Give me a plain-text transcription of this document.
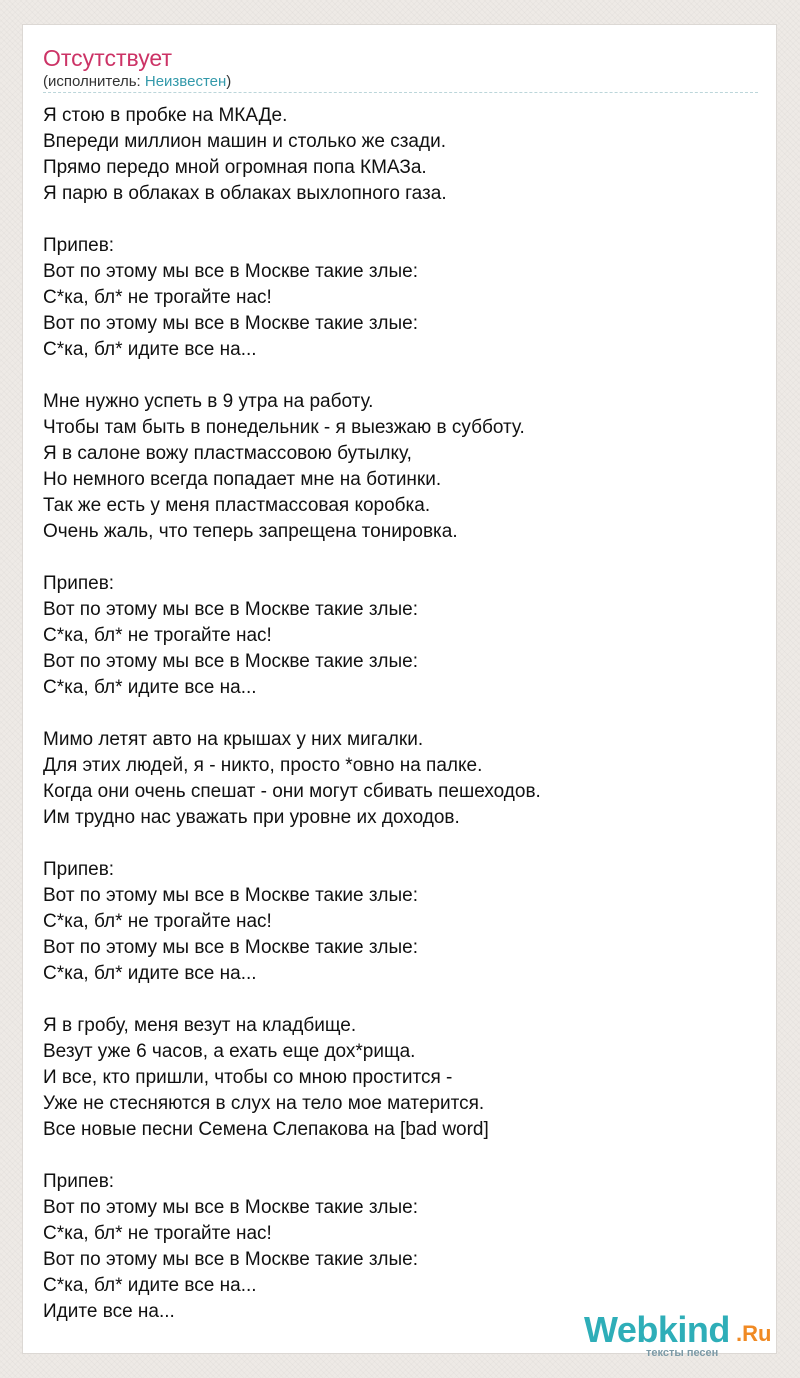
Отсутствует
(исполнитель: Неизвестен)
Я стою в пробке на МКАДе.
Впереди миллион машин и столько же сзади.
Прямо передо мной огромная попа КМАЗа.
Я парю в облаках в облаках выхлопного газа.
Припев:
Вот по этому мы все в Москве такие злые:
С*ка, бл* не трогайте нас!
Вот по этому мы все в Москве такие злые:
С*ка, бл* идите все на...
Мне нужно успеть в 9 утра на работу.
Чтобы там быть в понедельник - я выезжаю в субботу.
Я в салоне вожу пластмассовою бутылку,
Но немного всегда попадает мне на ботинки.
Так же есть у меня пластмассовая коробка.
Очень жаль, что теперь запрещена тонировка.
Припев:
Вот по этому мы все в Москве такие злые:
С*ка, бл* не трогайте нас!
Вот по этому мы все в Москве такие злые:
С*ка, бл* идите все на...
Мимо летят авто на крышах у них мигалки.
Для этих людей, я - никто, просто *овно на палке.
Когда они очень спешат - они могут сбивать пешеходов.
Им трудно нас уважать при уровне их доходов.
Припев:
Вот по этому мы все в Москве такие злые:
С*ка, бл* не трогайте нас!
Вот по этому мы все в Москве такие злые:
С*ка, бл* идите все на...
Я в гробу, меня везут на кладбище.
Везут уже 6 часов, а ехать еще дох*рища.
И все, кто пришли, чтобы со мною простится -
Уже не стесняются в слух на тело мое матерится.
Все новые песни Семена Слепакова на [bad word]
Припев:
Вот по этому мы все в Москве такие злые:
С*ка, бл* не трогайте нас!
Вот по этому мы все в Москве такие злые:
С*ка, бл* идите все на...
Идите все на...	Webkind .Ru
тексты песен
